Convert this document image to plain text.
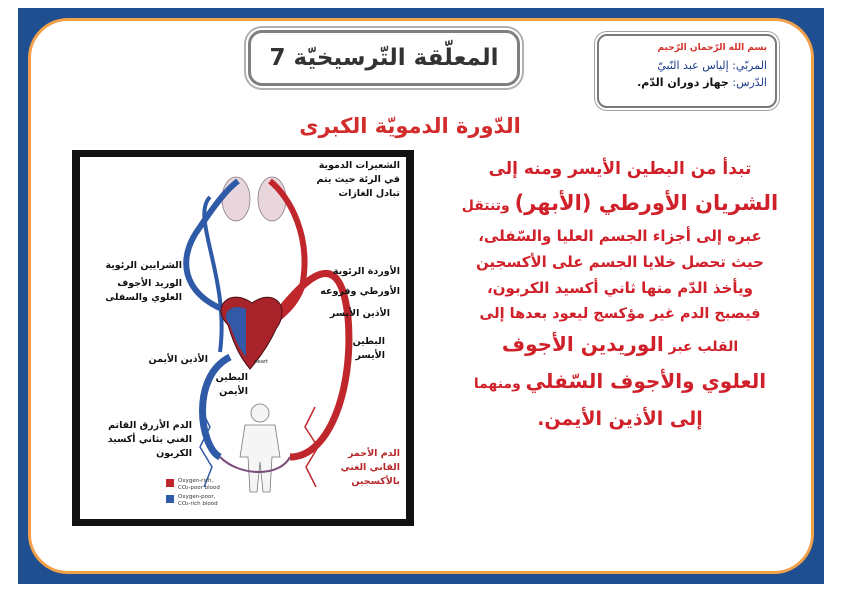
المعلّقة التّرسيخيّة 7	بسم الله الرّحمان الرّحيم
المربّي: إلياس عبد النّبيّ
الدّرس: جهاز دوران الدّم.
الدّورة الدمويّة الكبرى
تبدأ من البطين الأيسر ومنه إلى
الشريان الأورطي (الأبهر) وتنتقل
عبره إلى أجزاء الجسم العليا والسّفلى،
حيث تحصل خلايا الجسم على الأكسجين
ويأخذ الدّم منها ثاني أكسيد الكربون،
فيصبح الدم غير مؤكسج ليعود بعدها إلى
القلب عبر الوريدين الأجوف
العلوي والأجوف السّفلي ومنهما
إلى الأذين الأيمن.
Heart
الشعيرات الدموية
في الرئة حيث يتم
تبادل الغازات
الشرايين الرئوية
الوريد الأجوف
العلوي والسفلى
الأوردة الرئوية
الأورطي وفروعه
الأذين الأيسر
البطين
الأيسر
الأذين الأيمن
البطين
الأيمن
الدم الأزرق القاتم
الغني بثاني أكسيد
الكربون	الدم الأحمر
القاني الغني
بالأكسجين
Oxygen-rich,
CO₂-poor blood
Oxygen-poor,
CO₂-rich blood
